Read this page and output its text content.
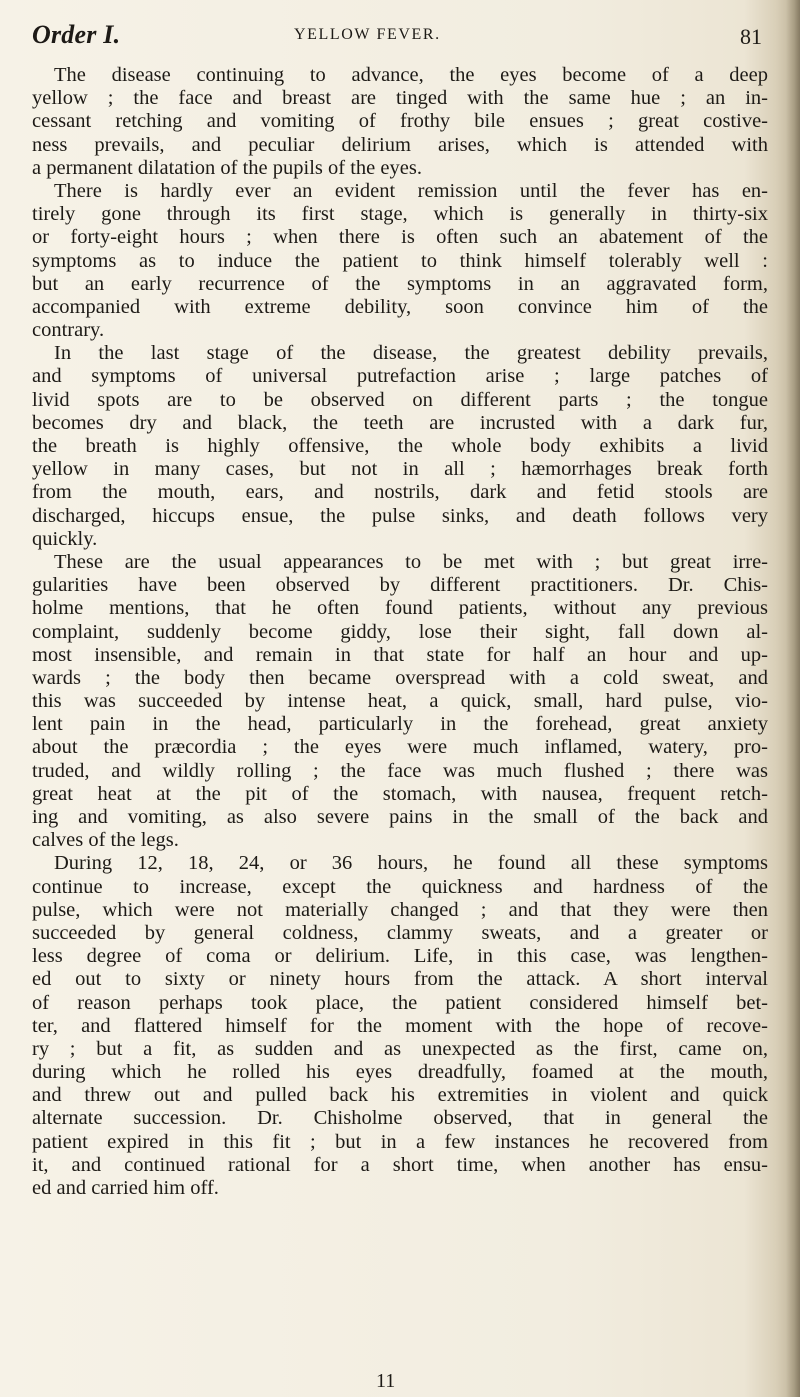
Order I.	YELLOW FEVER.	81
The disease continuing to advance, the eyes become of a deep
yellow ; the face and breast are tinged with the same hue ; an in-
cessant retching and vomiting of frothy bile ensues ; great costive-
ness prevails, and peculiar delirium arises, which is attended with
a permanent dilatation of the pupils of the eyes.
There is hardly ever an evident remission until the fever has en-
tirely gone through its first stage, which is generally in thirty-six
or forty-eight hours ; when there is often such an abatement of the
symptoms as to induce the patient to think himself tolerably well :
but an early recurrence of the symptoms in an aggravated form,
accompanied with extreme debility, soon convince him of the
contrary.
In the last stage of the disease, the greatest debility prevails,
and symptoms of universal putrefaction arise ; large patches of
livid spots are to be observed on different parts ; the tongue
becomes dry and black, the teeth are incrusted with a dark fur,
the breath is highly offensive, the whole body exhibits a livid
yellow in many cases, but not in all ; hæmorrhages break forth
from the mouth, ears, and nostrils, dark and fetid stools are
discharged, hiccups ensue, the pulse sinks, and death follows very
quickly.
These are the usual appearances to be met with ; but great irre-
gularities have been observed by different practitioners. Dr. Chis-
holme mentions, that he often found patients, without any previous
complaint, suddenly become giddy, lose their sight, fall down al-
most insensible, and remain in that state for half an hour and up-
wards ; the body then became overspread with a cold sweat, and
this was succeeded by intense heat, a quick, small, hard pulse, vio-
lent pain in the head, particularly in the forehead, great anxiety
about the præcordia ; the eyes were much inflamed, watery, pro-
truded, and wildly rolling ; the face was much flushed ; there was
great heat at the pit of the stomach, with nausea, frequent retch-
ing and vomiting, as also severe pains in the small of the back and
calves of the legs.
During 12, 18, 24, or 36 hours, he found all these symptoms
continue to increase, except the quickness and hardness of the
pulse, which were not materially changed ; and that they were then
succeeded by general coldness, clammy sweats, and a greater or
less degree of coma or delirium. Life, in this case, was lengthen-
ed out to sixty or ninety hours from the attack. A short interval
of reason perhaps took place, the patient considered himself bet-
ter, and flattered himself for the moment with the hope of recove-
ry ; but a fit, as sudden and as unexpected as the first, came on,
during which he rolled his eyes dreadfully, foamed at the mouth,
and threw out and pulled back his extremities in violent and quick
alternate succession. Dr. Chisholme observed, that in general the
patient expired in this fit ; but in a few instances he recovered from
it, and continued rational for a short time, when another has ensu-
ed and carried him off.
11
